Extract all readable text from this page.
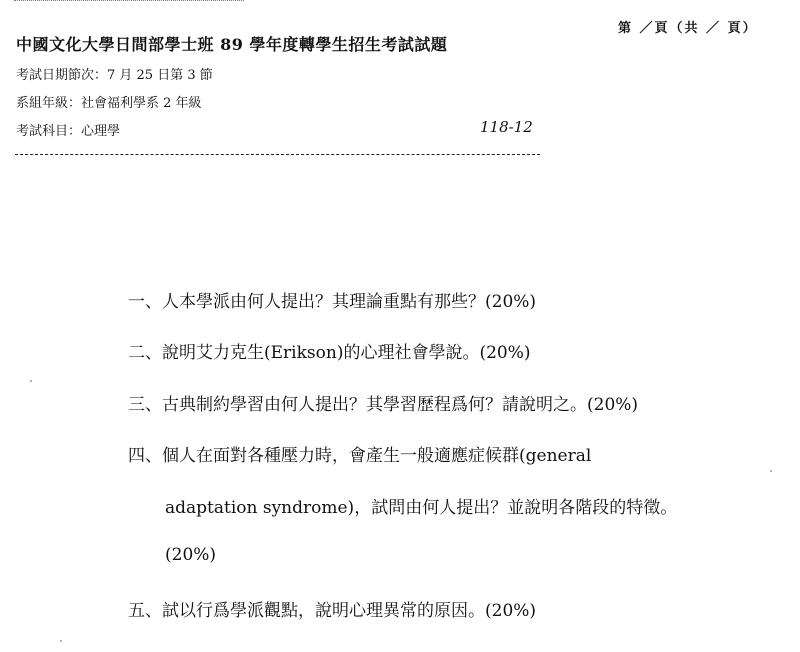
第 ／頁（共 ／ 頁）
中國文化大學日間部學士班 89 學年度轉學生招生考試試題
考試日期節次：7 月 25 日第 3 節
系組年級：社會福利學系 2 年級
考試科目：心理學	118-12
一、人本學派由何人提出？其理論重點有那些？(20%)
二、說明艾力克生(Erikson)的心理社會學說。(20%)
三、古典制約學習由何人提出？其學習歷程爲何？請說明之。(20%)
四、個人在面對各種壓力時，會產生一般適應症候群(general
adaptation syndrome)，試問由何人提出？並說明各階段的特徵。
(20%)
五、試以行爲學派觀點，說明心理異常的原因。(20%)
